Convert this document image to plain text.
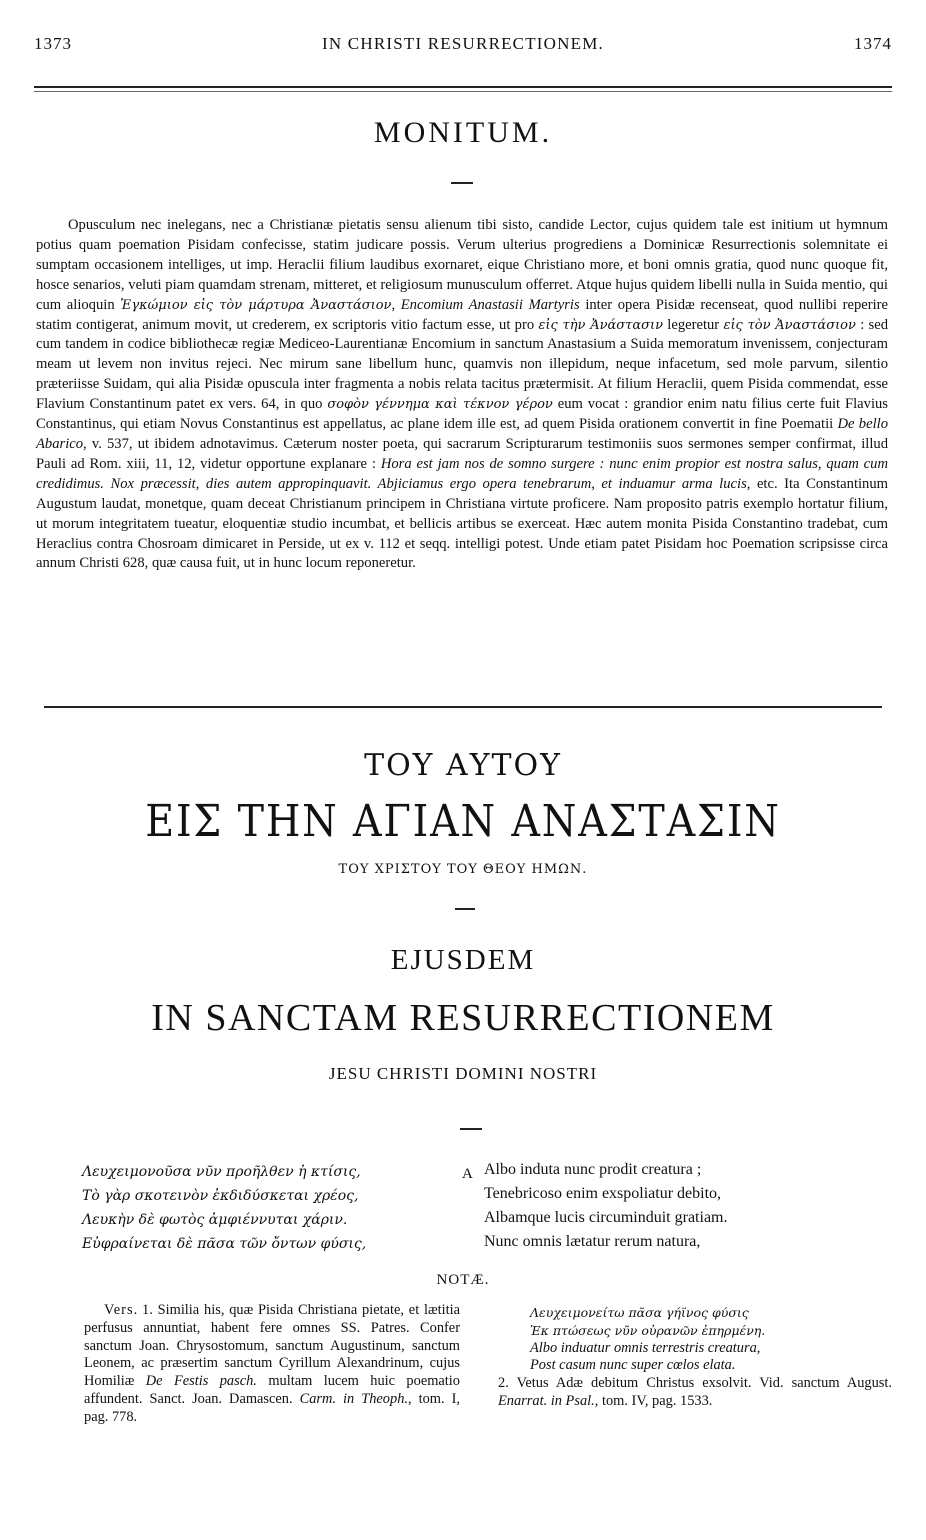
1373	IN CHRISTI RESURRECTIONEM.	1374
MONITUM.

Opusculum nec inelegans, nec a Christianæ pietatis sensu alienum tibi sisto, candide Lector, cujus quidem tale est initium ut hymnum potius quam poemation Pisidam confecisse, statim judicare possis. Verum ulterius progrediens a Dominicæ Resurrectionis solemnitate ei sumptam occasionem intelliges, ut imp. Heraclii filium laudibus exornaret, eique Christiano more, et boni omnis gratia, quod nunc quoque fit, hosce senarios, veluti piam quamdam strenam, mitteret, et religiosum munusculum offerret. Atque hujus quidem libelli nulla in Suida mentio, qui cum alioquin Ἐγκώμιον εἰς τὸν μάρτυρα Ἀναστάσιον, Encomium Anastasii Martyris inter opera Pisidæ recenseat, quod nullibi reperire statim contigerat, animum movit, ut crederem, ex scriptoris vitio factum esse, ut pro εἰς τὴν Ἀνάστασιν legeretur εἰς τὸν Ἀναστάσιον : sed cum tandem in codice bibliothecæ regiæ Mediceo-Laurentianæ Encomium in sanctum Anastasium a Suida memoratum invenissem, conjecturam meam ut levem non invitus rejeci. Nec mirum sane libellum hunc, quamvis non illepidum, neque infacetum, sed mole parvum, silentio præteriisse Suidam, qui alia Pisidæ opuscula inter fragmenta a nobis relata tacitus prætermisit. At filium Heraclii, quem Pisida commendat, esse Flavium Constantinum patet ex vers. 64, in quo σοφὸν γέννημα καὶ τέκνον γέρον eum vocat : grandior enim natu filius certe fuit Flavius Constantinus, qui etiam Novus Constantinus est appellatus, ac plane idem ille est, ad quem Pisida orationem convertit in fine Poematii De bello Abarico, v. 537, ut ibidem adnotavimus. Cæterum noster poeta, qui sacrarum Scripturarum testimoniis suos sermones semper confirmat, illud Pauli ad Rom. xiii, 11, 12, videtur opportune explanare : Hora est jam nos de somno surgere : nunc enim propior est nostra salus, quam cum credidimus. Nox præcessit, dies autem appropinquavit. Abjiciamus ergo opera tenebrarum, et induamur arma lucis, etc. Ita Constantinum Augustum laudat, monetque, quam deceat Christianum principem in Christiana virtute proficere. Nam proposito patris exemplo hortatur filium, ut morum integritatem tueatur, eloquentiæ studio incumbat, et bellicis artibus se exerceat. Hæc autem monita Pisida Constantino tradebat, cum Heraclius contra Chosroam dimicaret in Perside, ut ex v. 112 et seqq. intelligi potest. Unde etiam patet Pisidam hoc Poemation scripsisse circa annum Christi 628, quæ causa fuit, ut in hunc locum reponeretur.

ΤΟΥ ΑΥΤΟΥ
ΕΙΣ ΤΗΝ ΑΓΙΑΝ ΑΝΑΣΤΑΣΙΝ
ΤΟΥ ΧΡΙΣΤΟΥ ΤΟΥ ΘΕΟΥ ΗΜΩΝ.
EJUSDEM
IN SANCTAM RESURRECTIONEM
JESU CHRISTI DOMINI NOSTRI
Λευχειμονοῦσα νῦν προῆλθεν ἡ κτίσις,
Τὸ γὰρ σκοτεινὸν ἐκδιδύσκεται χρέος,
Λευκὴν δὲ φωτὸς ἀμφιέννυται χάριν.
Εὐφραίνεται δὲ πᾶσα τῶν ὄντων φύσις,
A Albo induta nunc prodit creatura ;
Tenebricoso enim exspoliatur debito,
Albamque lucis circuminduit gratiam.
Nunc omnis lætatur rerum natura,
NOTÆ.

Vers. 1. Similia his, quæ Pisida Christiana pietate, et lætitia perfusus annuntiat, habent fere omnes SS. Patres. Confer sanctum Joan. Chrysostomum, sanctum Augustinum, sanctum Leonem, ac præsertim sanctum Cyrillum Alexandrinum, cujus Homiliæ De Festis pasch. multam lucem huic poematio affundent. Sanct. Joan. Damascen. Carm. in Theoph., tom. I, pag. 778.

Λευχειμονείτω πᾶσα γήϊνος φύσις
Ἐκ πτώσεως νῦν οὐρανῶν ἐπηρμένη.
Albo induatur omnis terrestris creatura,
Post casum nunc super cœlos elata.

2. Vetus Adæ debitum Christus exsolvit. Vid. sanctum August. Enarrat. in Psal., tom. IV, pag. 1533.
